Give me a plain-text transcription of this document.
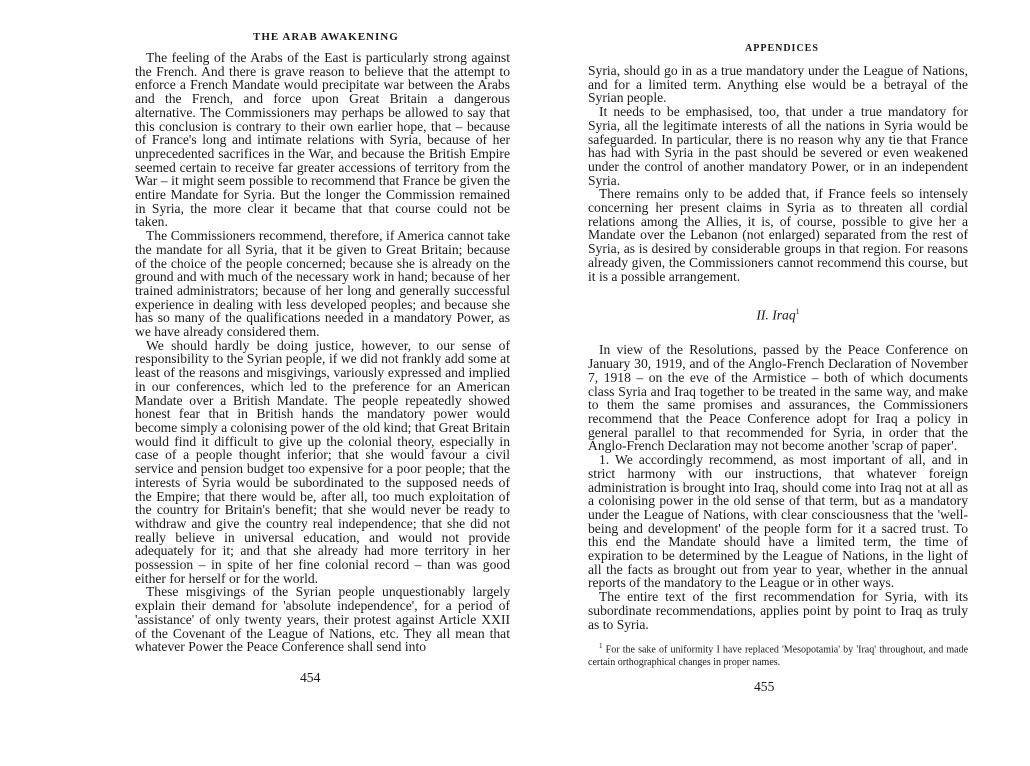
THE ARAB AWAKENING

The feeling of the Arabs of the East is particularly strong against the French. And there is grave reason to believe that the attempt to enforce a French Mandate would precipitate war between the Arabs and the French, and force upon Great Britain a dangerous alternative. The Commissioners may perhaps be allowed to say that this conclusion is contrary to their own earlier hope, that – because of France's long and intimate relations with Syria, because of her unprecedented sacrifices in the War, and because the British Empire seemed certain to receive far greater accessions of territory from the War – it might seem possible to recommend that France be given the entire Mandate for Syria. But the longer the Commission remained in Syria, the more clear it became that that course could not be taken.

The Commissioners recommend, therefore, if America cannot take the mandate for all Syria, that it be given to Great Britain; because of the choice of the people concerned; because she is already on the ground and with much of the necessary work in hand; because of her trained administrators; because of her long and generally successful experience in dealing with less developed peoples; and because she has so many of the qualifications needed in a mandatory Power, as we have already considered them.

We should hardly be doing justice, however, to our sense of responsibility to the Syrian people, if we did not frankly add some at least of the reasons and misgivings, variously expressed and implied in our conferences, which led to the preference for an American Mandate over a British Mandate. The people repeatedly showed honest fear that in British hands the mandatory power would become simply a colonising power of the old kind; that Great Britain would find it difficult to give up the colonial theory, especially in case of a people thought inferior; that she would favour a civil service and pension budget too expensive for a poor people; that the interests of Syria would be subordinated to the supposed needs of the Empire; that there would be, after all, too much exploitation of the country for Britain's benefit; that she would never be ready to withdraw and give the country real independence; that she did not really believe in universal education, and would not provide adequately for it; and that she already had more territory in her possession – in spite of her fine colonial record – than was good either for herself or for the world.

These misgivings of the Syrian people unquestionably largely explain their demand for 'absolute independence', for a period of 'assistance' of only twenty years, their protest against Article XXII of the Covenant of the League of Nations, etc. They all mean that whatever Power the Peace Conference shall send into

454
APPENDICES

Syria, should go in as a true mandatory under the League of Nations, and for a limited term. Anything else would be a betrayal of the Syrian people.

It needs to be emphasised, too, that under a true mandatory for Syria, all the legitimate interests of all the nations in Syria would be safeguarded. In particular, there is no reason why any tie that France has had with Syria in the past should be severed or even weakened under the control of another mandatory Power, or in an independent Syria.

There remains only to be added that, if France feels so intensely concerning her present claims in Syria as to threaten all cordial relations among the Allies, it is, of course, possible to give her a Mandate over the Lebanon (not enlarged) separated from the rest of Syria, as is desired by considerable groups in that region. For reasons already given, the Commissioners cannot recommend this course, but it is a possible arrangement.

II. Iraq$^1$

In view of the Resolutions, passed by the Peace Conference on January 30, 1919, and of the Anglo-French Declaration of November 7, 1918 – on the eve of the Armistice – both of which documents class Syria and Iraq together to be treated in the same way, and make to them the same promises and assurances, the Commissioners recommend that the Peace Conference adopt for Iraq a policy in general parallel to that recommended for Syria, in order that the Anglo-French Declaration may not become another 'scrap of paper'.

1. We accordingly recommend, as most important of all, and in strict harmony with our instructions, that whatever foreign administration is brought into Iraq, should come into Iraq not at all as a colonising power in the old sense of that term, but as a mandatory under the League of Nations, with clear consciousness that the 'well-being and development' of the people form for it a sacred trust. To this end the Mandate should have a limited term, the time of expiration to be determined by the League of Nations, in the light of all the facts as brought out from year to year, whether in the annual reports of the mandatory to the League or in other ways.

The entire text of the first recommendation for Syria, with its subordinate recommendations, applies point by point to Iraq as truly as to Syria.

$^1$ For the sake of uniformity I have replaced 'Mesopotamia' by 'Iraq' throughout, and made certain orthographical changes in proper names.
455
